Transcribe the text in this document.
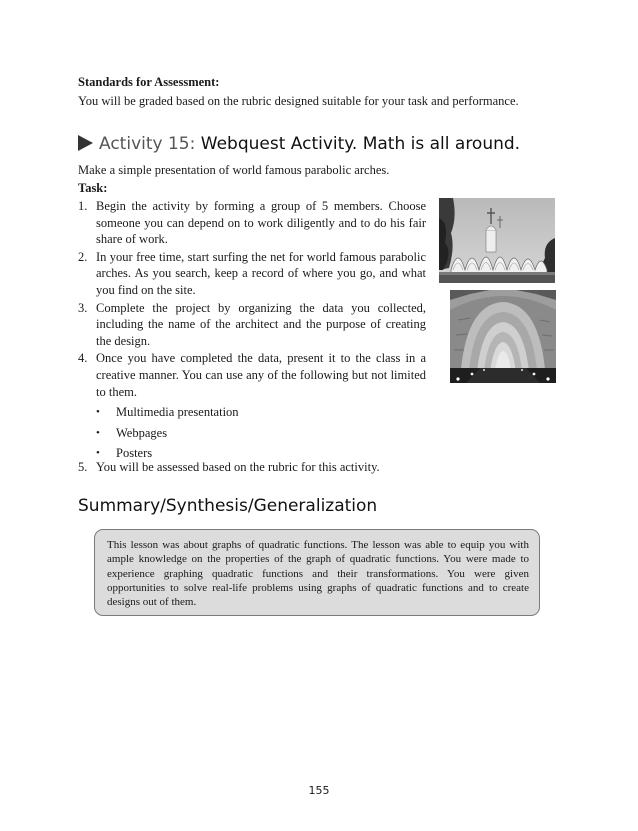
Standards for Assessment:
You will be graded based on the rubric designed suitable for your task and performance.
Activity 15: Webquest Activity. Math is all around.
Make a simple presentation of world famous parabolic arches.
Task:
1. Begin the activity by forming a group of 5 members. Choose someone you can depend on to work diligently and to do his fair share of work.
2. In your free time, start surfing the net for world famous parabolic arches. As you search, keep a record of where you go, and what you find on the site.
3. Complete the project by organizing the data you collected, including the name of the architect and the purpose of creating the design.
4. Once you have completed the data, present it to the class in a creative manner. You can use any of the following but not limited to them.
• Multimedia presentation
• Webpages
• Posters
5. You will be assessed based on the rubric for this activity.
Summary/Synthesis/Generalization
This lesson was about graphs of quadratic functions. The lesson was able to equip you with ample knowledge on the properties of the graph of quadratic functions. You were made to experience graphing quadratic functions and their transformations. You were given opportunities to solve real-life problems using graphs of quadratic functions and to create designs out of them.
155
